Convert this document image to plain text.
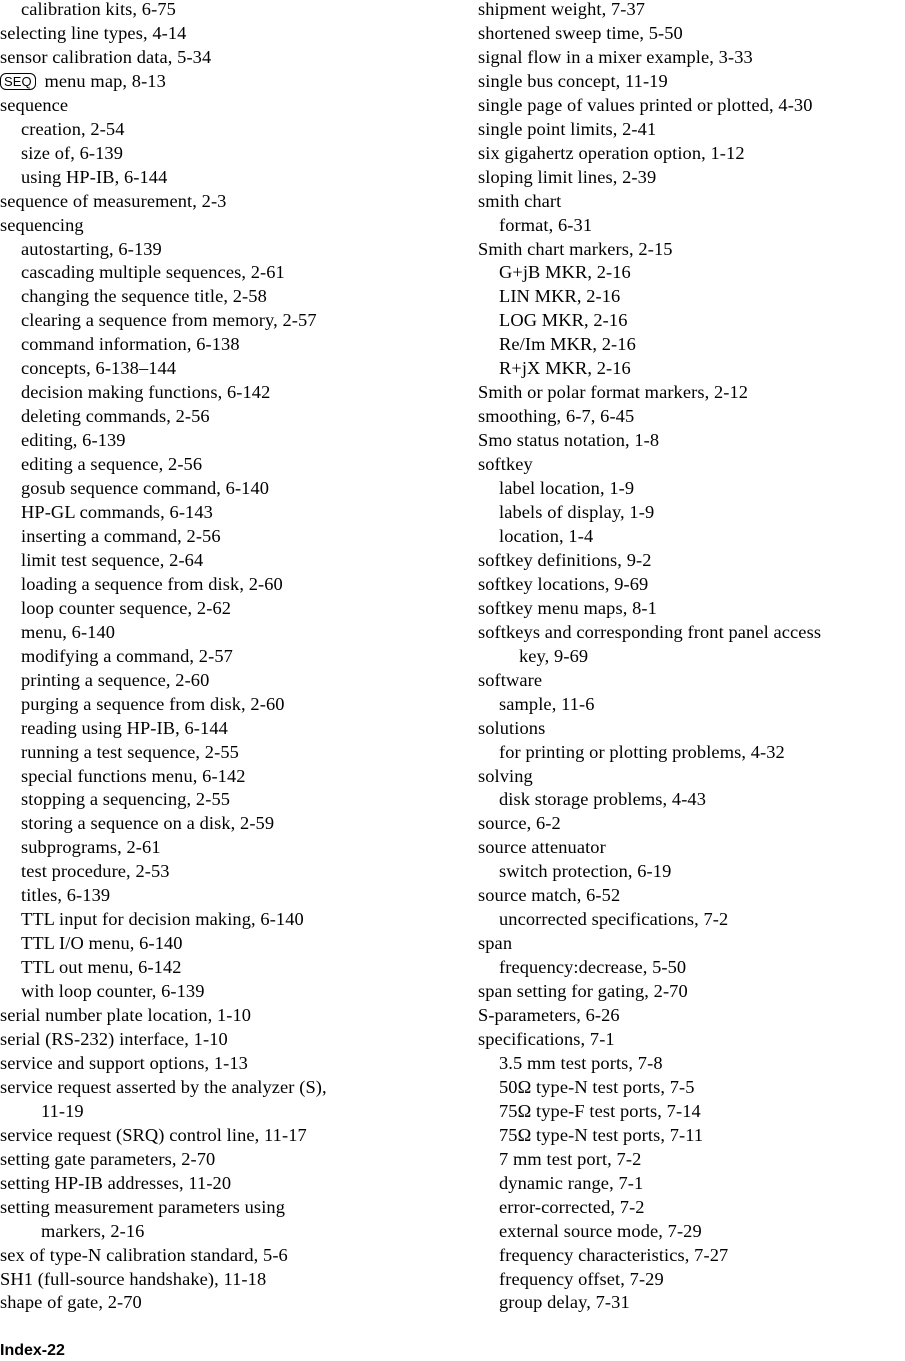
calibration kits, 6-75
selecting line types, 4-14
sensor calibration data, 5-34
SEQ menu map, 8-13
sequence
creation, 2-54
size of, 6-139
using HP-IB, 6-144
sequence of measurement, 2-3
sequencing
autostarting, 6-139
cascading multiple sequences, 2-61
changing the sequence title, 2-58
clearing a sequence from memory, 2-57
command information, 6-138
concepts, 6-138–144
decision making functions, 6-142
deleting commands, 2-56
editing, 6-139
editing a sequence, 2-56
gosub sequence command, 6-140
HP-GL commands, 6-143
inserting a command, 2-56
limit test sequence, 2-64
loading a sequence from disk, 2-60
loop counter sequence, 2-62
menu, 6-140
modifying a command, 2-57
printing a sequence, 2-60
purging a sequence from disk, 2-60
reading using HP-IB, 6-144
running a test sequence, 2-55
special functions menu, 6-142
stopping a sequencing, 2-55
storing a sequence on a disk, 2-59
subprograms, 2-61
test procedure, 2-53
titles, 6-139
TTL input for decision making, 6-140
TTL I/O menu, 6-140
TTL out menu, 6-142
with loop counter, 6-139
serial number plate location, 1-10
serial (RS-232) interface, 1-10
service and support options, 1-13
service request asserted by the analyzer (S),
11-19
service request (SRQ) control line, 11-17
setting gate parameters, 2-70
setting HP-IB addresses, 11-20
setting measurement parameters using
markers, 2-16
sex of type-N calibration standard, 5-6
SH1 (full-source handshake), 11-18
shape of gate, 2-70
shipment weight, 7-37
shortened sweep time, 5-50
signal flow in a mixer example, 3-33
single bus concept, 11-19
single page of values printed or plotted, 4-30
single point limits, 2-41
six gigahertz operation option, 1-12
sloping limit lines, 2-39
smith chart
format, 6-31
Smith chart markers, 2-15
G+jB MKR, 2-16
LIN MKR, 2-16
LOG MKR, 2-16
Re/Im MKR, 2-16
R+jX MKR, 2-16
Smith or polar format markers, 2-12
smoothing, 6-7, 6-45
Smo status notation, 1-8
softkey
label location, 1-9
labels of display, 1-9
location, 1-4
softkey definitions, 9-2
softkey locations, 9-69
softkey menu maps, 8-1
softkeys and corresponding front panel access
key, 9-69
software
sample, 11-6
solutions
for printing or plotting problems, 4-32
solving
disk storage problems, 4-43
source, 6-2
source attenuator
switch protection, 6-19
source match, 6-52
uncorrected specifications, 7-2
span
frequency:decrease, 5-50
span setting for gating, 2-70
S-parameters, 6-26
specifications, 7-1
3.5 mm test ports, 7-8
50Ω type-N test ports, 7-5
75Ω type-F test ports, 7-14
75Ω type-N test ports, 7-11
7 mm test port, 7-2
dynamic range, 7-1
error-corrected, 7-2
external source mode, 7-29
frequency characteristics, 7-27
frequency offset, 7-29
group delay, 7-31
Index-22
